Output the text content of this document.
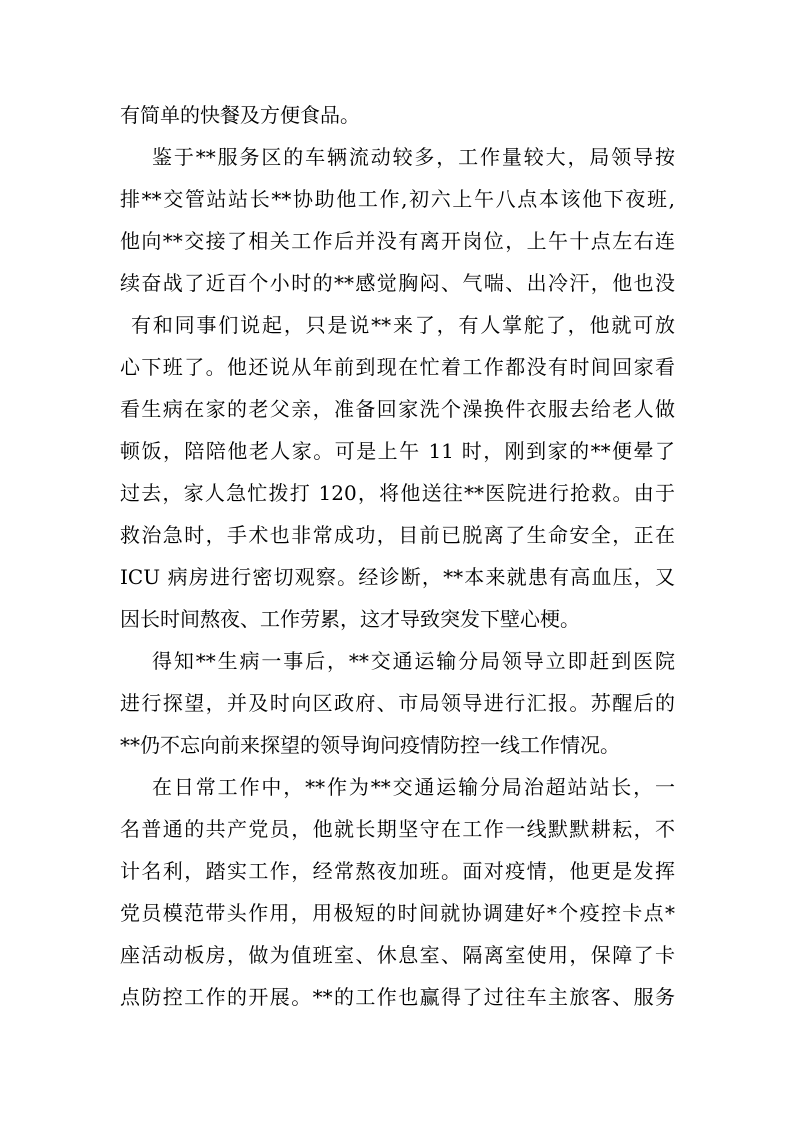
有简单的快餐及方便食品。
鉴于**服务区的车辆流动较多，工作量较大，局领导按
排**交管站站长**协助他工作,初六上午八点本该他下夜班,
他向**交接了相关工作后并没有离开岗位，上午十点左右连
续奋战了近百个小时的**感觉胸闷、气喘、出冷汗，他也没
有和同事们说起，只是说**来了，有人掌舵了，他就可放
心下班了。他还说从年前到现在忙着工作都没有时间回家看
看生病在家的老父亲，准备回家洗个澡换件衣服去给老人做
顿饭，陪陪他老人家。可是上午 11 时，刚到家的**便晕了
过去，家人急忙拨打 120，将他送往**医院进行抢救。由于
救治急时，手术也非常成功，目前已脱离了生命安全，正在
ICU 病房进行密切观察。经诊断，**本来就患有高血压，又
因长时间熬夜、工作劳累，这才导致突发下壁心梗。
得知**生病一事后，**交通运输分局领导立即赶到医院
进行探望，并及时向区政府、市局领导进行汇报。苏醒后的
**仍不忘向前来探望的领导询问疫情防控一线工作情况。
在日常工作中，**作为**交通运输分局治超站站长，一
名普通的共产党员，他就长期坚守在工作一线默默耕耘，不
计名利，踏实工作，经常熬夜加班。面对疫情，他更是发挥
党员模范带头作用，用极短的时间就协调建好*个疫控卡点*
座活动板房，做为值班室、休息室、隔离室使用，保障了卡
点防控工作的开展。**的工作也赢得了过往车主旅客、服务
